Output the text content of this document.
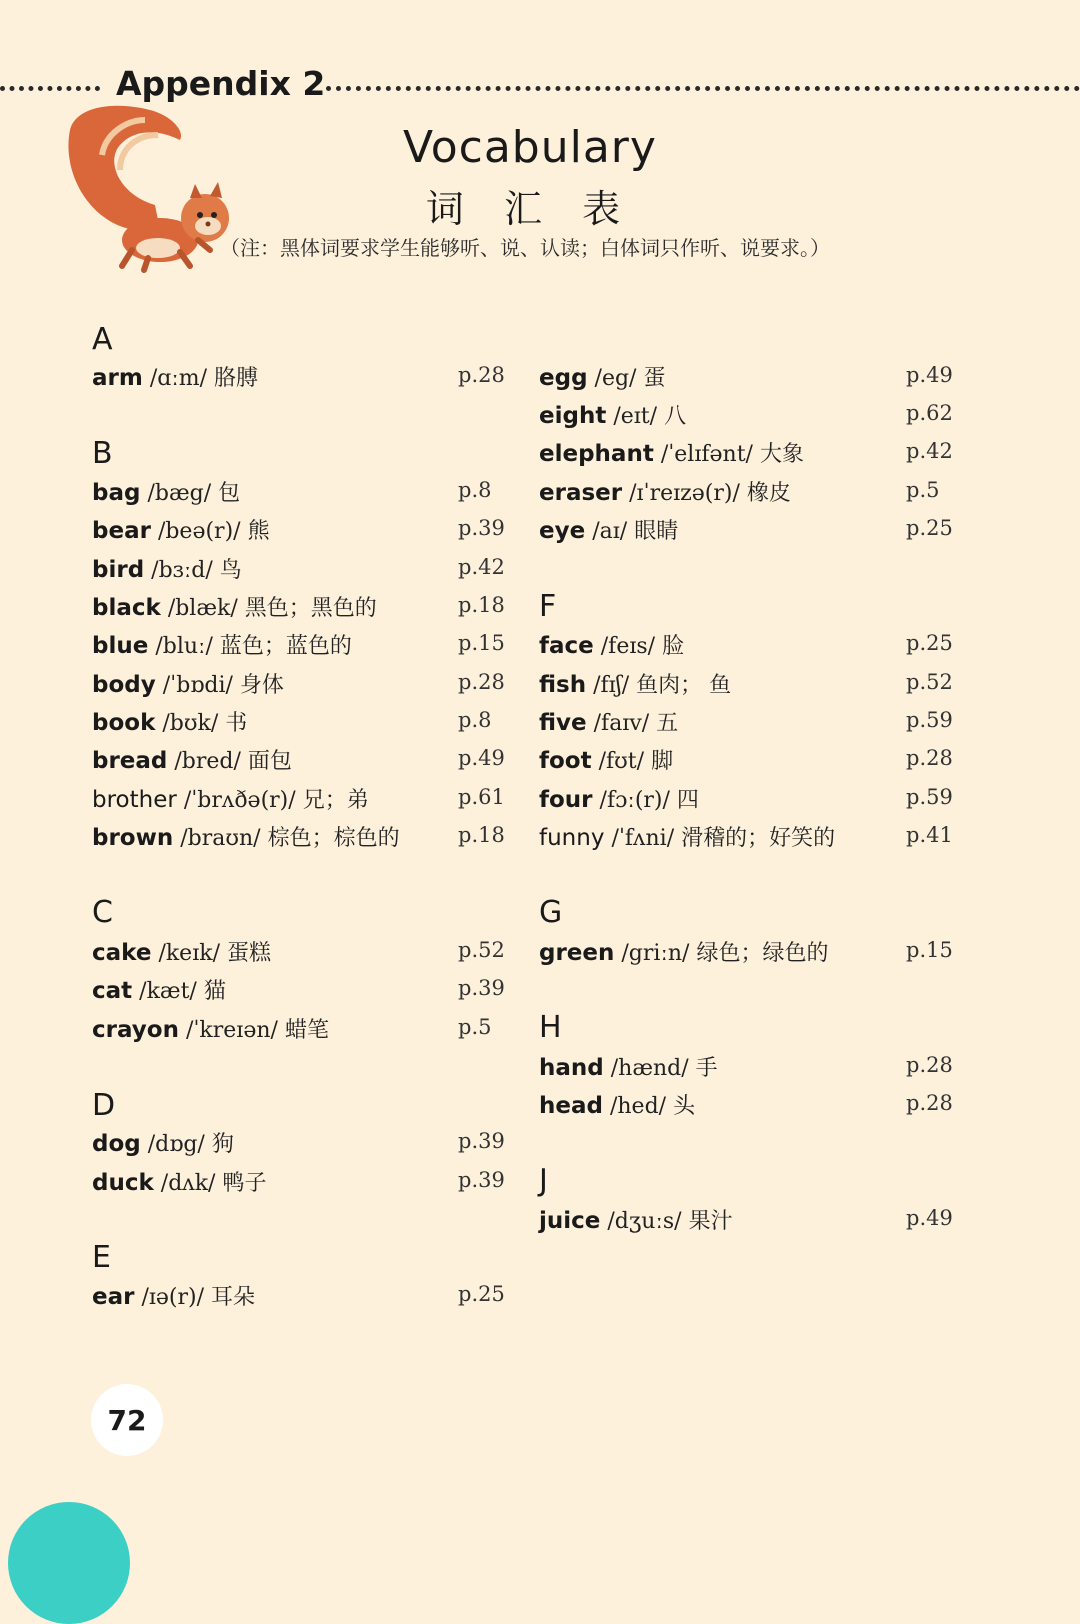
Appendix 2
Vocabulary
词 汇 表
（注：黑体词要求学生能够听、说、认读；白体词只作听、说要求。）
A
B
C
D
E
F
G
H
J
arm /ɑːm/ 胳膊	p.28
bag /bæg/ 包	p.8
bear /beə(r)/ 熊	p.39
bird /bɜːd/ 鸟	p.42
black /blæk/ 黑色；黑色的	p.18
blue /bluː/ 蓝色；蓝色的	p.15
body /ˈbɒdi/ 身体	p.28
book /bʊk/ 书	p.8
bread /bred/ 面包	p.49
brother /ˈbrʌðə(r)/ 兄；弟	p.61
brown /braʊn/ 棕色；棕色的	p.18
cake /keɪk/ 蛋糕	p.52
cat /kæt/ 猫	p.39
crayon /ˈkreɪən/ 蜡笔	p.5
dog /dɒg/ 狗	p.39
duck /dʌk/ 鸭子	p.39
ear /ɪə(r)/ 耳朵	p.25
egg /eg/ 蛋	p.49
eight /eɪt/ 八	p.62
elephant /ˈelɪfənt/ 大象	p.42
eraser /ɪˈreɪzə(r)/ 橡皮	p.5
eye /aɪ/ 眼睛	p.25
face /feɪs/ 脸	p.25
fish /fɪʃ/ 鱼肉； 鱼	p.52
five /faɪv/ 五	p.59
foot /fʊt/ 脚	p.28
four /fɔː(r)/ 四	p.59
funny /ˈfʌni/ 滑稽的；好笑的	p.41
green /griːn/ 绿色；绿色的	p.15
hand /hænd/ 手	p.28
head /hed/ 头	p.28
juice /dʒuːs/ 果汁	p.49
72
